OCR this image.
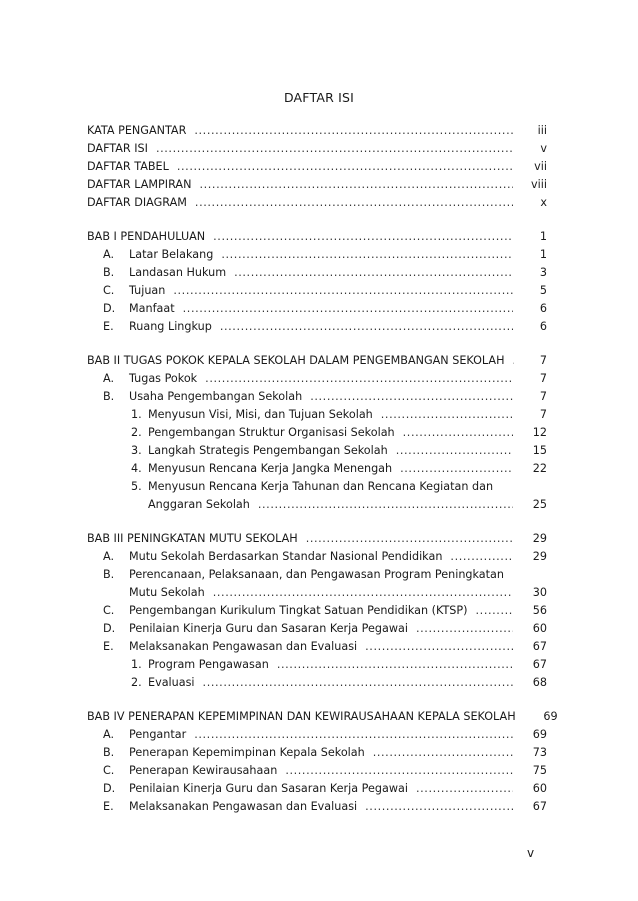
DAFTAR ISI
KATA PENGANTAR .....	iii
DAFTAR ISI .....	v
DAFTAR TABEL .....	vii
DAFTAR LAMPIRAN .....	viii
DAFTAR DIAGRAM .....	x
BAB I PENDAHULUAN .....	1
A. Latar Belakang .....	1
B. Landasan Hukum .....	3
C. Tujuan .....	5
D. Manfaat .....	6
E. Ruang Lingkup .....	6
BAB II TUGAS POKOK KEPALA SEKOLAH DALAM PENGEMBANGAN SEKOLAH .....	7
A. Tugas Pokok .....	7
B. Usaha Pengembangan Sekolah .....	7
1. Menyusun Visi, Misi, dan Tujuan Sekolah .....	7
2. Pengembangan Struktur Organisasi Sekolah .....	12
3. Langkah Strategis Pengembangan Sekolah .....	15
4. Menyusun Rencana Kerja Jangka Menengah .....	22
5. Menyusun Rencana Kerja Tahunan dan Rencana Kegiatan dan
Anggaran Sekolah .....	25
BAB III PENINGKATAN MUTU SEKOLAH .....	29
A. Mutu Sekolah Berdasarkan Standar Nasional Pendidikan .....	29
B. Perencanaan, Pelaksanaan, dan Pengawasan Program Peningkatan
Mutu Sekolah .....	30
C. Pengembangan Kurikulum Tingkat Satuan Pendidikan (KTSP) .....	56
D. Penilaian Kinerja Guru dan Sasaran Kerja Pegawai .....	60
E. Melaksanakan Pengawasan dan Evaluasi .....	67
1. Program Pengawasan .....	67
2. Evaluasi .....	68
BAB IV PENERAPAN KEPEMIMPINAN DAN KEWIRAUSAHAAN KEPALA SEKOLAH	69
A. Pengantar .....	69
B. Penerapan Kepemimpinan Kepala Sekolah .....	73
C. Penerapan Kewirausahaan .....	75
D. Penilaian Kinerja Guru dan Sasaran Kerja Pegawai .....	60
E. Melaksanakan Pengawasan dan Evaluasi .....	67
v
